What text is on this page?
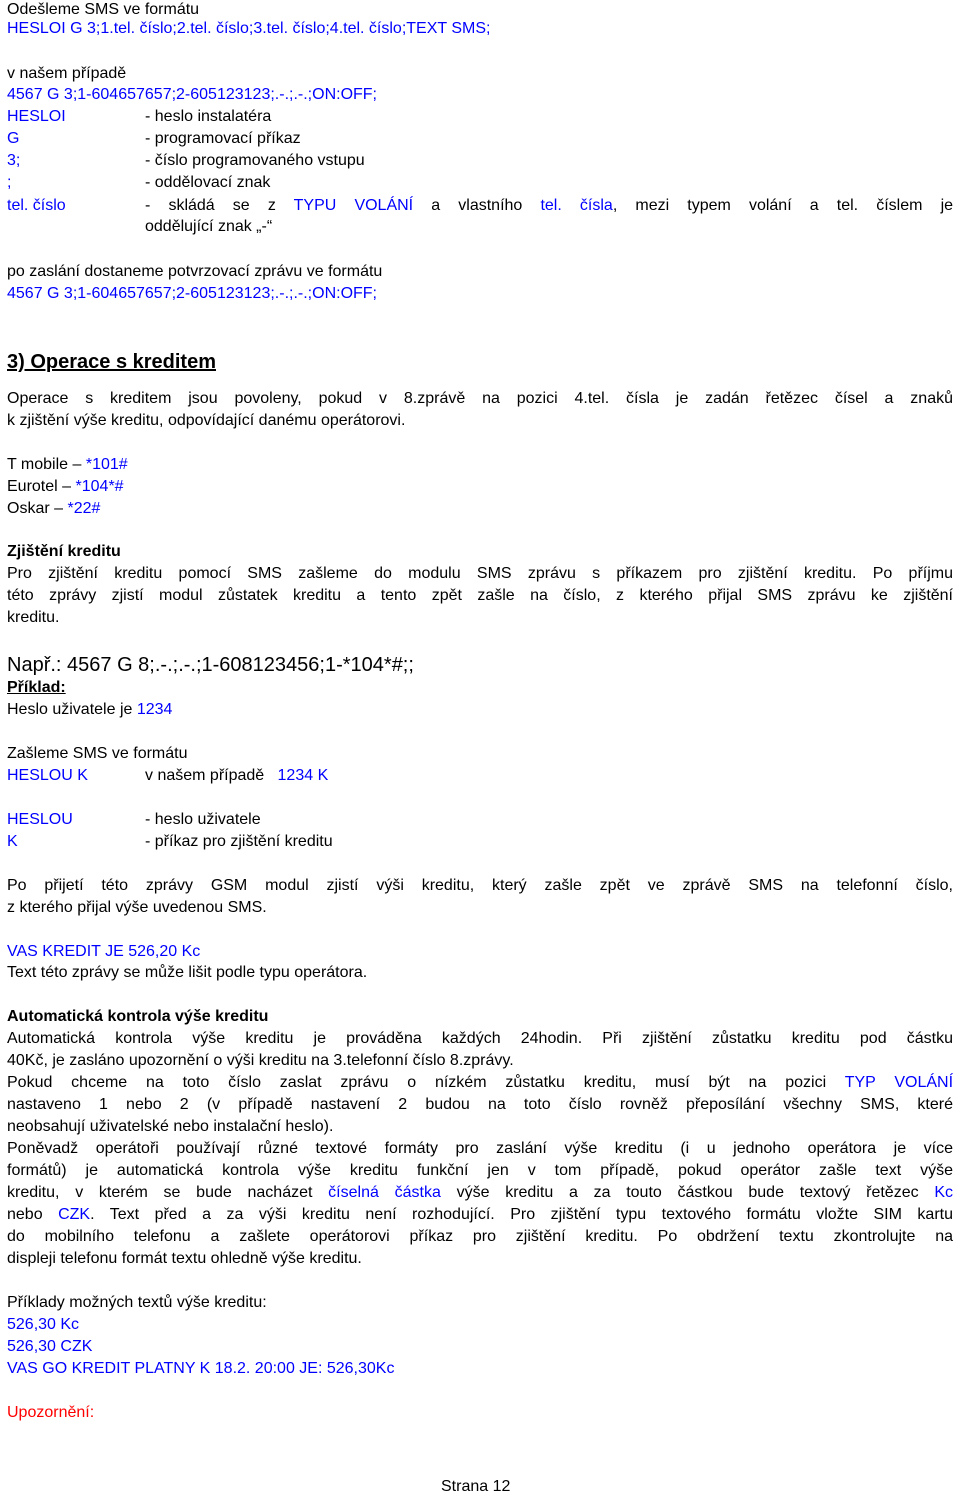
Odešleme SMS ve formátu
HESLOI G 3;1.tel. číslo;2.tel. číslo;3.tel. číslo;4.tel. číslo;TEXT SMS;
v našem případě
4567 G 3;1-604657657;2-605123123;.-.;.-.;ON:OFF;
HESLOI	- heslo instalatéra
G	- programovací příkaz
3;	- číslo programovaného vstupu
;	- oddělovací znak
tel. číslo	- skládá se z TYPU VOLÁNÍ a vlastního tel. čísla, mezi typem volání a tel. číslem je
oddělující znak „-“
po zaslání dostaneme potvrzovací zprávu ve formátu
4567 G 3;1-604657657;2-605123123;.-.;.-.;ON:OFF;
3) Operace s kreditem
Operace s kreditem jsou povoleny, pokud v 8.zprávě na pozici 4.tel. čísla je zadán řetězec čísel a znaků
k zjištění výše kreditu, odpovídající danému operátorovi.
T mobile – *101#
Eurotel – *104*#
Oskar – *22#
Zjištění kreditu
Pro zjištění kreditu pomocí SMS zašleme do modulu SMS zprávu s příkazem pro zjištění kreditu. Po příjmu
této zprávy zjistí modul zůstatek kreditu a tento zpět zašle na číslo, z kterého přijal SMS zprávu ke zjištění
kreditu.
Např.: 4567 G 8;.-.;.-.;1-608123456;1-*104*#;;
Příklad:
Heslo uživatele je 1234
Zašleme SMS ve formátu
HESLOU K	v našem případě 1234 K
HESLOU	- heslo uživatele
K	- příkaz pro zjištění kreditu
Po přijetí této zprávy GSM modul zjistí výši kreditu, který zašle zpět ve zprávě SMS na telefonní číslo,
z kterého přijal výše uvedenou SMS.
VAS KREDIT JE 526,20 Kc
Text této zprávy se může lišit podle typu operátora.
Automatická kontrola výše kreditu
Automatická kontrola výše kreditu je prováděna každých 24hodin. Při zjištění zůstatku kreditu pod částku
40Kč, je zasláno upozornění o výši kreditu na 3.telefonní číslo 8.zprávy.
Pokud chceme na toto číslo zaslat zprávu o nízkém zůstatku kreditu, musí být na pozici TYP VOLÁNÍ
nastaveno 1 nebo 2 (v případě nastavení 2 budou na toto číslo rovněž přeposílání všechny SMS, které
neobsahují uživatelské nebo instalační heslo).
Poněvadž operátoři používají různé textové formáty pro zaslání výše kreditu (i u jednoho operátora je více
formátů) je automatická kontrola výše kreditu funkční jen v tom případě, pokud operátor zašle text výše
kreditu, v kterém se bude nacházet číselná částka výše kreditu a za touto částkou bude textový řetězec Kc
nebo CZK. Text před a za výši kreditu není rozhodující. Pro zjištění typu textového formátu vložte SIM kartu
do mobilního telefonu a zašlete operátorovi příkaz pro zjištění kreditu. Po obdržení textu zkontrolujte na
displeji telefonu formát textu ohledně výše kreditu.
Příklady možných textů výše kreditu:
526,30 Kc
526,30 CZK
VAS GO KREDIT PLATNY K 18.2. 20:00 JE: 526,30Kc
Upozornění:
Strana 12
